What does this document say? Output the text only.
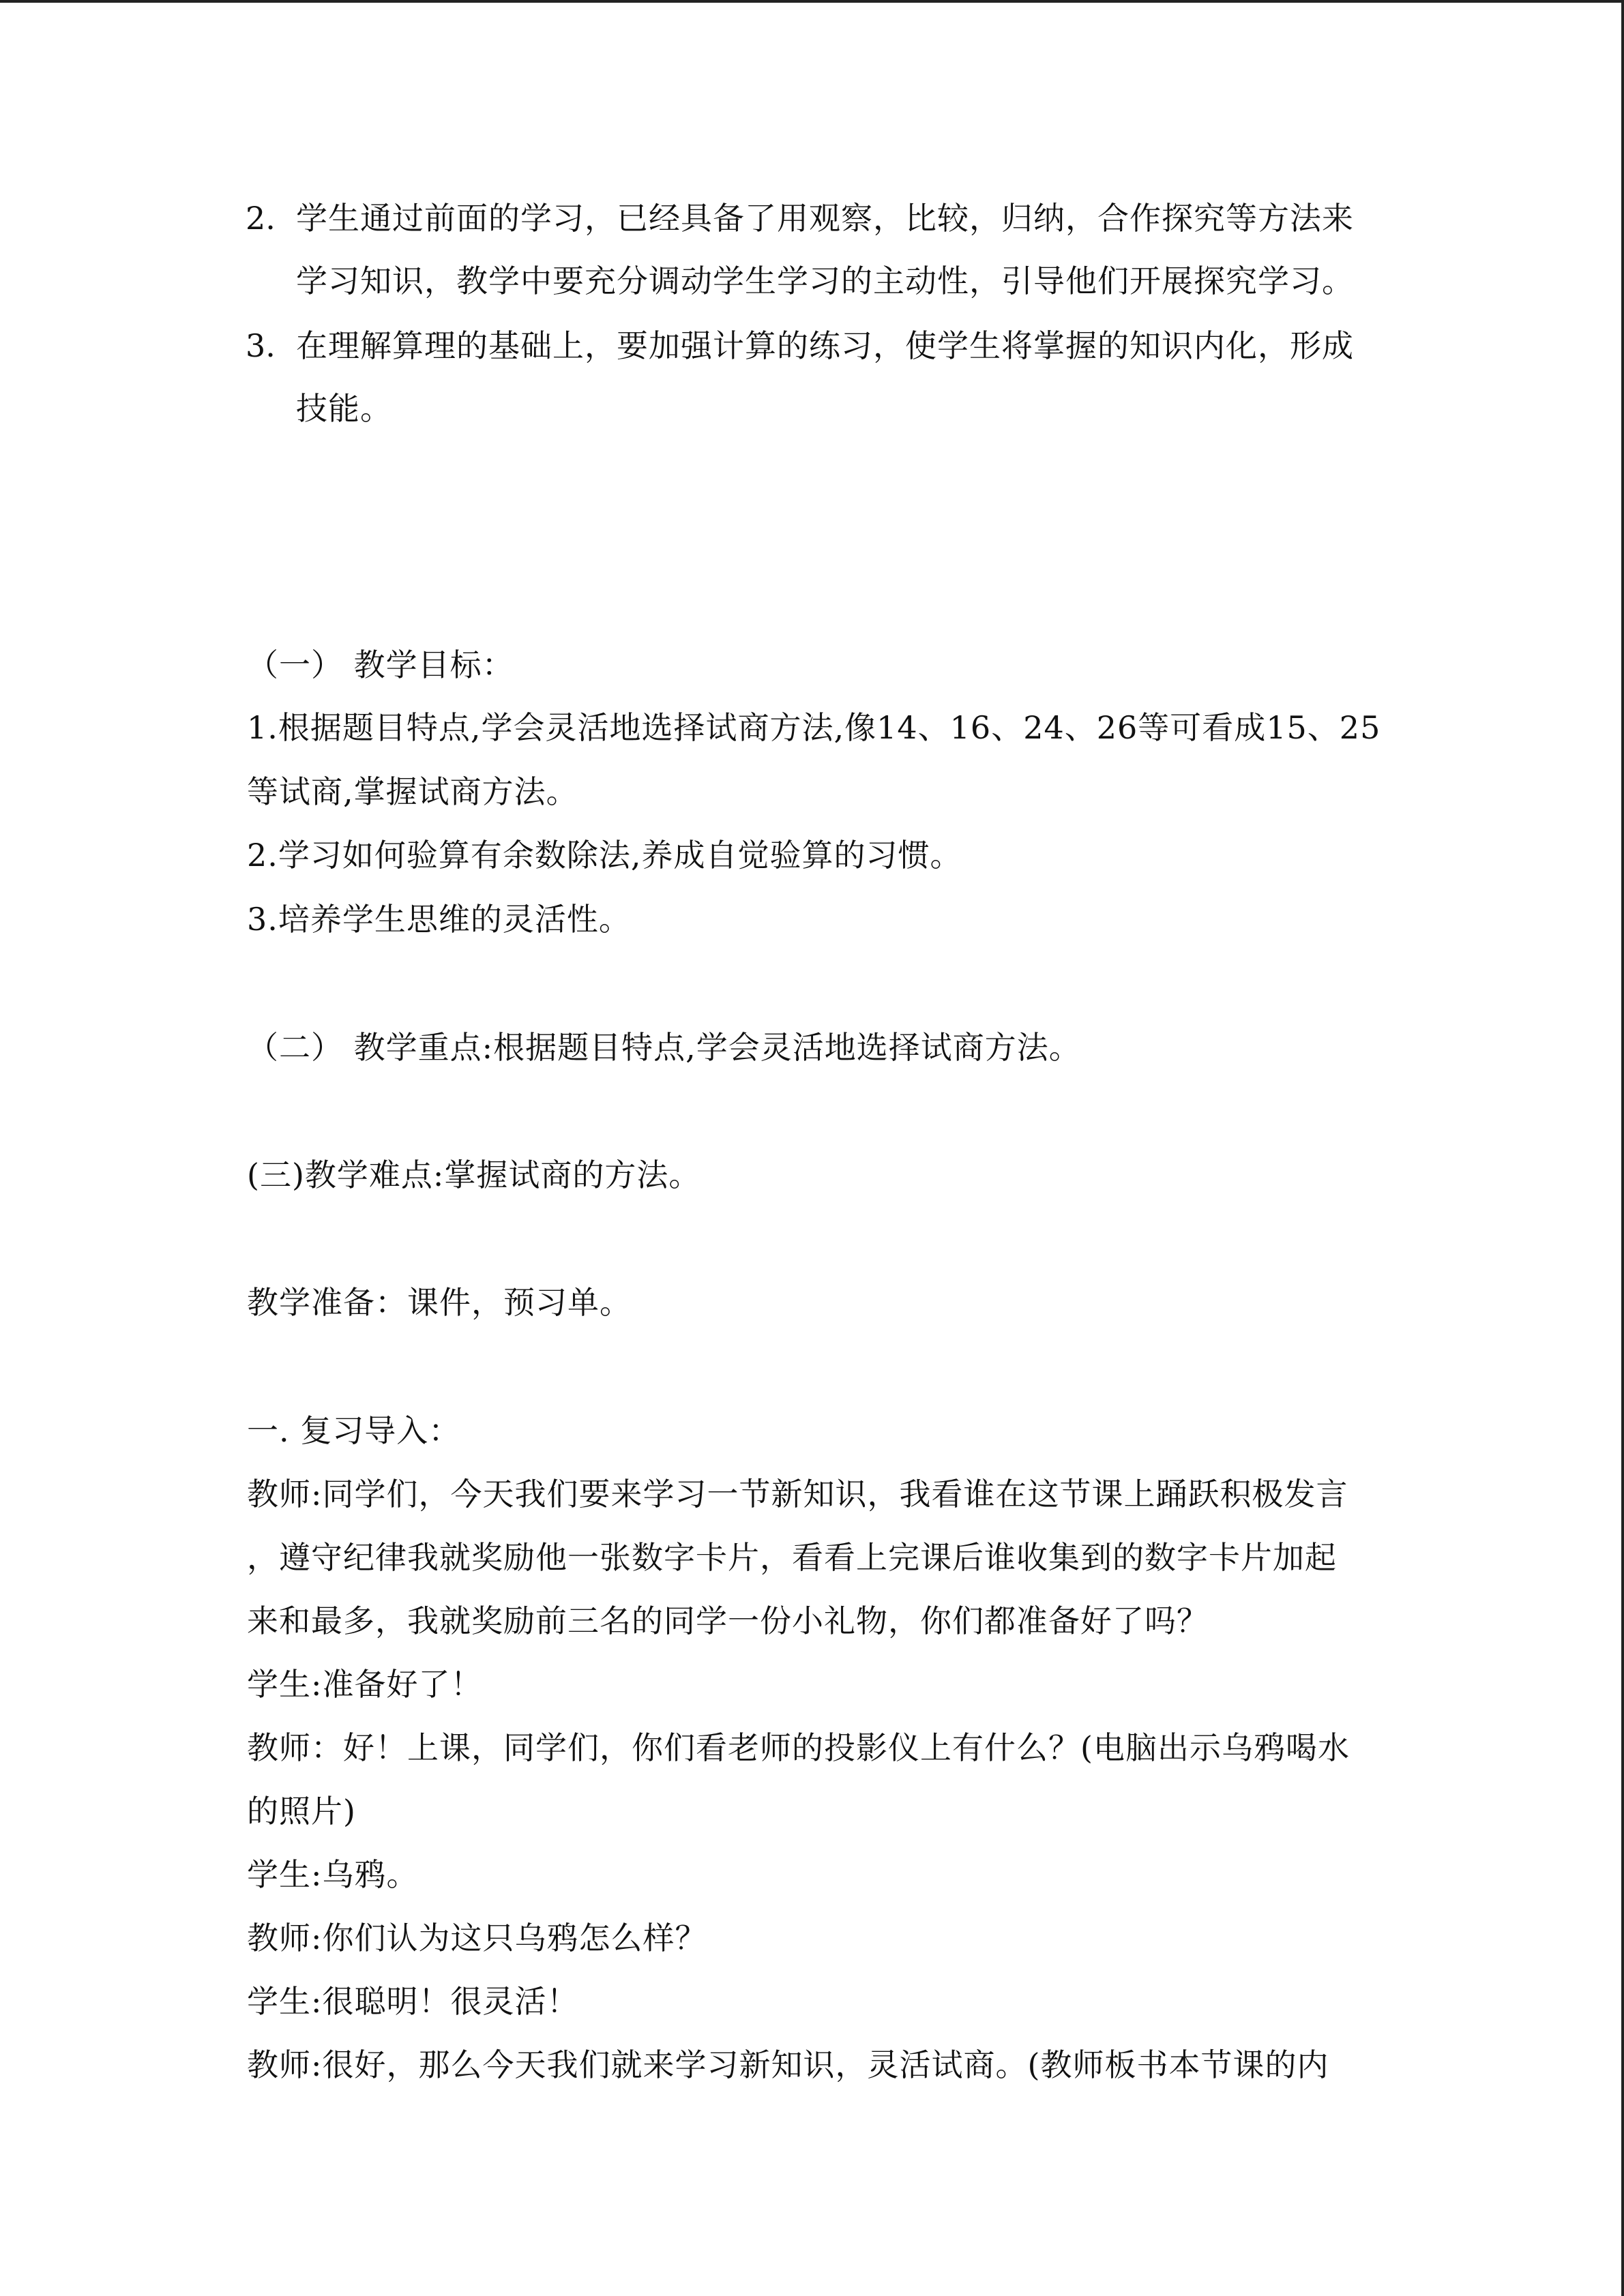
2. 学生通过前面的学习，已经具备了用观察，比较，归纳，合作探究等方法来
学习知识，教学中要充分调动学生学习的主动性，引导他们开展探究学习。
3. 在理解算理的基础上，要加强计算的练习，使学生将掌握的知识内化，形成
技能。
（一） 教学目标：
1.根据题目特点,学会灵活地选择试商方法,像14、16、24、26等可看成15、25
等试商,掌握试商方法。
2.学习如何验算有余数除法,养成自觉验算的习惯。
3.培养学生思维的灵活性。
（二） 教学重点:根据题目特点,学会灵活地选择试商方法。
(三)教学难点:掌握试商的方法。
教学准备：课件，预习单。
一. 复习导入：
教师:同学们，今天我们要来学习一节新知识，我看谁在这节课上踊跃积极发言
，遵守纪律我就奖励他一张数字卡片，看看上完课后谁收集到的数字卡片加起
来和最多，我就奖励前三名的同学一份小礼物，你们都准备好了吗？
学生:准备好了！
教师：好！上课，同学们，你们看老师的投影仪上有什么？(电脑出示乌鸦喝水
的照片)
学生:乌鸦。
教师:你们认为这只乌鸦怎么样？
学生:很聪明！很灵活！
教师:很好，那么今天我们就来学习新知识，灵活试商。(教师板书本节课的内
